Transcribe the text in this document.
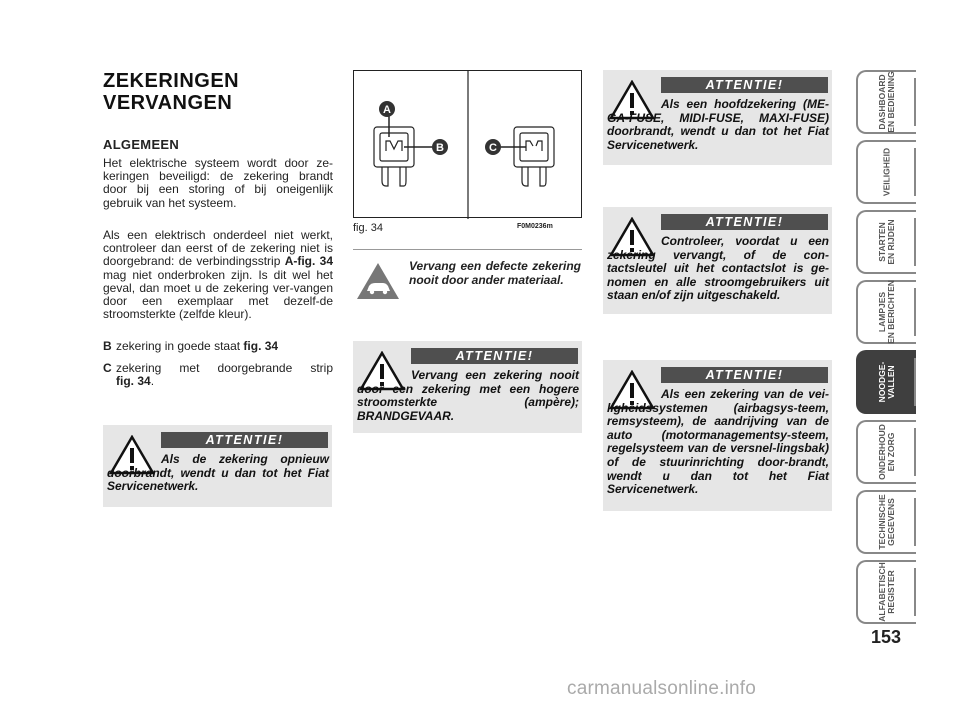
ZEKERINGEN
VERVANGEN
ALGEMEEN
Het elektrische systeem wordt door ze-keringen beveiligd: de zekering brandt door bij een storing of bij oneigenlijk gebruik van het systeem.
Als een elektrisch onderdeel niet werkt, controleer dan eerst of de zekering niet is doorgebrand: de verbindingsstrip A-fig. 34 mag niet onderbroken zijn. Is dit wel het geval, dan moet u de zekering ver-vangen door een exemplaar met dezelf-de stroomsterkte (zelfde kleur).
B zekering in goede staat fig. 34
C zekering met doorgebrande strip
fig. 34.
ATTENTIE!
Als de zekering opnieuw doorbrandt, wendt u dan tot het Fiat Servicenetwerk.
A
B	C
fig. 34	F0M0236m
Vervang een defecte zekering nooit door ander materiaal.
ATTENTIE!
Vervang een zekering nooit door een zekering met een hogere stroomsterkte (ampère); BRANDGEVAAR.
ATTENTIE!
Als een hoofdzekering (ME-GA-FUSE, MIDI-FUSE, MAXI-FUSE) doorbrandt, wendt u dan tot het Fiat Servicenetwerk.
ATTENTIE!
Controleer, voordat u een zekering vervangt, of de con-tactsleutel uit het contactslot is ge-nomen en alle stroomgebruikers uit staan en/of zijn uitgeschakeld.
ATTENTIE!
Als een zekering van de vei-ligheidssystemen (airbagsys-teem, remsysteem), de aandrijving van de auto (motormanagementsy-steem, regelsysteem van de versnel-lingsbak) of de stuurinrichting door-brandt, wendt u dan tot het Fiat Servicenetwerk.
DASHBOARD
EN BEDIENING
VEILIGHEID
STARTEN
EN RIJDEN
LAMPJES
EN BERICHTEN
NOODGE-
VALLEN
ONDERHOUD
EN ZORG
TECHNISCHE
GEGEVENS
ALFABETISCH
REGISTER
153
carmanualsonline.info
